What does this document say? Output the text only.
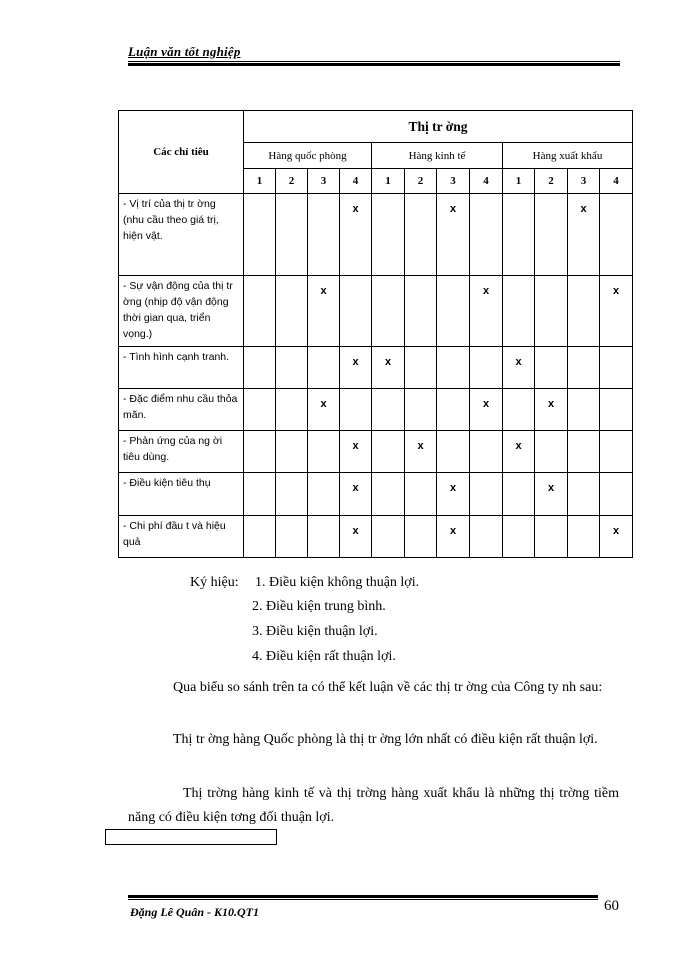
Luận văn tốt nghiệp
Các chỉ tiêu	Thị tr ờng											
	Hàng quốc phòng				Hàng kinh tế				Hàng xuất khẩu			
	1	2	3	4	1	2	3	4	1	2	3	4
- Vị trí của thị tr ờng (nhu cầu theo giá trị, hiện vật.				x			x				x	
- Sự vận động của thị tr ờng (nhịp độ vận động thời gian qua, triển vọng.)			x					x				x
- Tình hình cạnh tranh.				x	x				x			
- Đặc điểm nhu cầu thỏa mãn.			x					x		x		
- Phản ứng của ng ời tiêu dùng.				x		x			x			
- Điều kiện tiêu thụ				x			x			x		
- Chi phí đầu t và hiệu quả				x			x					x
Ký hiệu: 1. Điều kiện không thuận lợi.
2. Điều kiện trung bình.
3. Điều kiện thuận lợi.
4. Điều kiện rất thuận lợi.
Qua biểu so sánh trên ta có thể kết luận về các thị tr ờng của Công ty nh sau:
Thị tr ờng hàng Quốc phòng là thị tr ờng lớn nhất có điều kiện rất thuận lợi.
Thị trờng hàng kinh tế và thị trờng hàng xuất khẩu là những thị trờng tiềm năng có điều kiện tơng đối thuận lợi.
Đặng Lê Quân - K10.QT1	60
